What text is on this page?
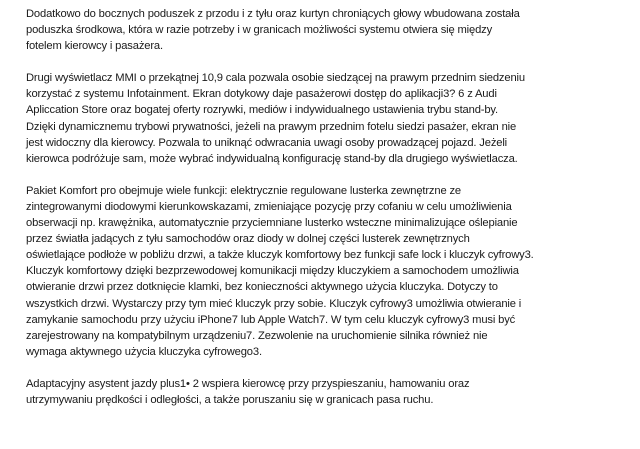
Dodatkowo do bocznych poduszek z przodu i z tyłu oraz kurtyn chroniących głowy wbudowana została
poduszka środkowa, która w razie potrzeby i w granicach możliwości systemu otwiera się między
fotelem kierowcy i pasażera.

Drugi wyświetlacz MMI o przekątnej 10,9 cala pozwala osobie siedzącej na prawym przednim siedzeniu
korzystać z systemu Infotainment. Ekran dotykowy daje pasażerowi dostęp do aplikacji3? 6 z Audi
Apliccation Store oraz bogatej oferty rozrywki, mediów i indywidualnego ustawienia trybu stand-by.
Dzięki dynamicznemu trybowi prywatności, jeżeli na prawym przednim fotelu siedzi pasażer, ekran nie
jest widoczny dla kierowcy. Pozwala to uniknąć odwracania uwagi osoby prowadzącej pojazd. Jeżeli
kierowca podróżuje sam, może wybrać indywidualną konfigurację stand-by dla drugiego wyświetlacza.

Pakiet Komfort pro obejmuje wiele funkcji: elektrycznie regulowane lusterka zewnętrzne ze
zintegrowanymi diodowymi kierunkowskazami, zmieniające pozycję przy cofaniu w celu umożliwienia
obserwacji np. krawężnika, automatycznie przyciemniane lusterko wsteczne minimalizujące oślepianie
przez światła jadących z tyłu samochodów oraz diody w dolnej części lusterek zewnętrznych
oświetlające podłoże w pobliżu drzwi, a także kluczyk komfortowy bez funkcji safe lock i kluczyk cyfrowy3.
Kluczyk komfortowy dzięki bezprzewodowej komunikacji między kluczykiem a samochodem umożliwia
otwieranie drzwi przez dotknięcie klamki, bez konieczności aktywnego użycia kluczyka. Dotyczy to
wszystkich drzwi. Wystarczy przy tym mieć kluczyk przy sobie. Kluczyk cyfrowy3 umożliwia otwieranie i
zamykanie samochodu przy użyciu iPhone7 lub Apple Watch7. W tym celu kluczyk cyfrowy3 musi być
zarejestrowany na kompatybilnym urządzeniu7. Zezwolenie na uruchomienie silnika również nie
wymaga aktywnego użycia kluczyka cyfrowego3.

Adaptacyjny asystent jazdy plus1• 2 wspiera kierowcę przy przyspieszaniu, hamowaniu oraz
utrzymywaniu prędkości i odległości, a także poruszaniu się w granicach pasa ruchu.
